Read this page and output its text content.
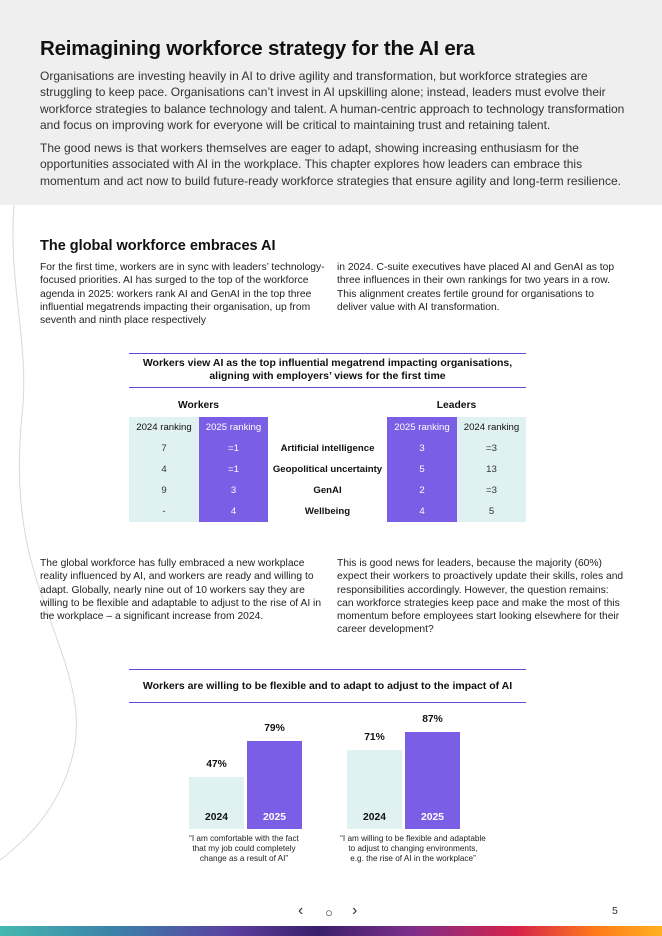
Reimagining workforce strategy for the AI era

Organisations are investing heavily in AI to drive agility and transformation, but workforce strategies are struggling to keep pace. Organisations can’t invest in AI upskilling alone; instead, leaders must evolve their workforce strategies to balance technology and talent. A human-centric approach to technology transformation and focus on improving work for everyone will be critical to maintaining trust and retaining talent.

The good news is that workers themselves are eager to adapt, showing increasing enthusiasm for the opportunities associated with AI in the workplace. This chapter explores how leaders can embrace this momentum and act now to build future-ready workforce strategies that ensure agility and long-term resilience.

The global workforce embraces AI

For the first time, workers are in sync with leaders’ technology-focused priorities. AI has surged to the top of the workforce agenda in 2025: workers rank AI and GenAI in the top three influential megatrends impacting their organisation, up from seventh and ninth place respectively

in 2024. C-suite executives have placed AI and GenAI as top three influences in their own rankings for two years in a row. This alignment creates fertile ground for organisations to deliver value with AI transformation.

Workers view AI as the top influential megatrend impacting organisations,

aligning with employers’ views for the first time

Workers	Leaders
2024 ranking	2025 ranking	2025 ranking	2024 ranking
7	=1	Artificial intelligence	3	=3
4	=1	Geopolitical uncertainty	5	13
9	3	GenAI	2	=3
-	4	Wellbeing	4	5

The global workforce has fully embraced a new workplace reality influenced by AI, and workers are ready and willing to adapt. Globally, nearly nine out of 10 workers say they are willing to be flexible and adaptable to adjust to the rise of AI in the workplace – a significant increase from 2024.

This is good news for leaders, because the majority (60%) expect their workers to proactively update their skills, roles and responsibilities accordingly. However, the question remains: can workforce strategies keep pace and make the most of this momentum before employees start looking elsewhere for their career development?

Workers are willing to be flexible and to adapt to adjust to the impact of AI

2024
47%
2025
79%
2024
71%
2025
87%

“I am comfortable with the fact
that my job could completely
change as a result of AI”

“I am willing to be flexible and adaptable
to adjust to changing environments,
e.g. the rise of AI in the workplace”

‹ ○ ›	5
